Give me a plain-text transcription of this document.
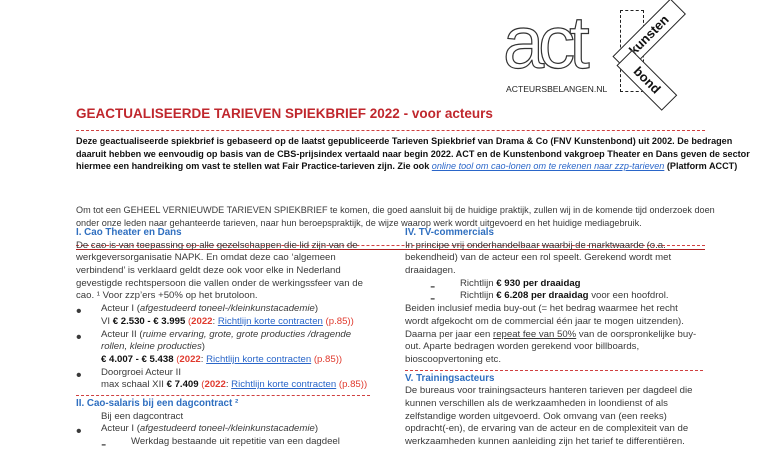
act
ACTEURSBELANGEN.NL
kunsten
bond
GEACTUALISEERDE TARIEVEN SPIEKBRIEF 2022 - voor acteurs
Deze geactualiseerde spiekbrief is gebaseerd op de laatst gepubliceerde Tarieven Spiekbrief van Drama & Co (FNV Kunstenbond) uit 2002. De bedragen
daaruit hebben we eenvoudig op basis van de CBS-prijsindex vertaald naar begin 2022. ACT en de Kunstenbond vakgroep Theater en Dans geven de sector
hiermee een handreiking om vast te stellen wat Fair Practice-tarieven zijn. Zie ook online tool om cao-lonen om te rekenen naar zzp-tarieven (Platform ACCT)
Om tot een GEHEEL VERNIEUWDE TARIEVEN SPIEKBRIEF te komen, die goed aansluit bij de huidige praktijk, zullen wij in de komende tijd onderzoek doen
onder onze leden naar gehanteerde tarieven, naar hun beroepspraktijk, de wijze waarop werk wordt uitgevoerd en het huidige mediagebruik.
I. Cao Theater en Dans
De cao is van toepassing op alle gezelschappen die lid zijn van de
werkgeversorganisatie NAPK. En omdat deze cao ‘algemeen
verbindend’ is verklaard geldt deze ook voor elke in Nederland
gevestigde rechtspersoon die vallen onder de werkingssfeer van de
cao. ¹ Voor zzp’ers +50% op het brutoloon.
• Acteur I (afgestudeerd toneel-/kleinkunstacademie)
VI € 2.530 - € 3.995 (2022: Richtlijn korte contracten (p.85))
• Acteur II (ruime ervaring, grote, grote producties /dragende
rollen, kleine producties)
€ 4.007 - € 5.438 (2022: Richtlijn korte contracten (p.85))
• Doorgroei Acteur II
max schaal XII € 7.409 (2022: Richtlijn korte contracten (p.85))
II. Cao-salaris bij een dagcontract ²
Bij een dagcontract
• Acteur I (afgestudeerd toneel-/kleinkunstacademie)
-	Werkdag bestaande uit repetitie van een dagdeel
IV. TV-commercials
In principe vrij onderhandelbaar waarbij de marktwaarde (o.a.
bekendheid) van de acteur een rol speelt. Gerekend wordt met
draaidagen.
-	Richtlijn € 930 per draaidag
-	Richtlijn € 6.208 per draaidag voor een hoofdrol.
Beiden inclusief media buy-out (= het bedrag waarmee het recht
wordt afgekocht om de commercial één jaar te mogen uitzenden).
Daarna per jaar een repeat fee van 50% van de oorspronkelijke buy-
out. Aparte bedragen worden gerekend voor billboards,
bioscoopvertoning etc.
V. Trainingsacteurs
De bureaus voor trainingsacteurs hanteren tarieven per dagdeel die
kunnen verschillen als de werkzaamheden in loondienst of als
zelfstandige worden uitgevoerd. Ook omvang van (een reeks)
opdracht(-en), de ervaring van de acteur en de complexiteit van de
werkzaamheden kunnen aanleiding zijn het tarief te differentiëren.
